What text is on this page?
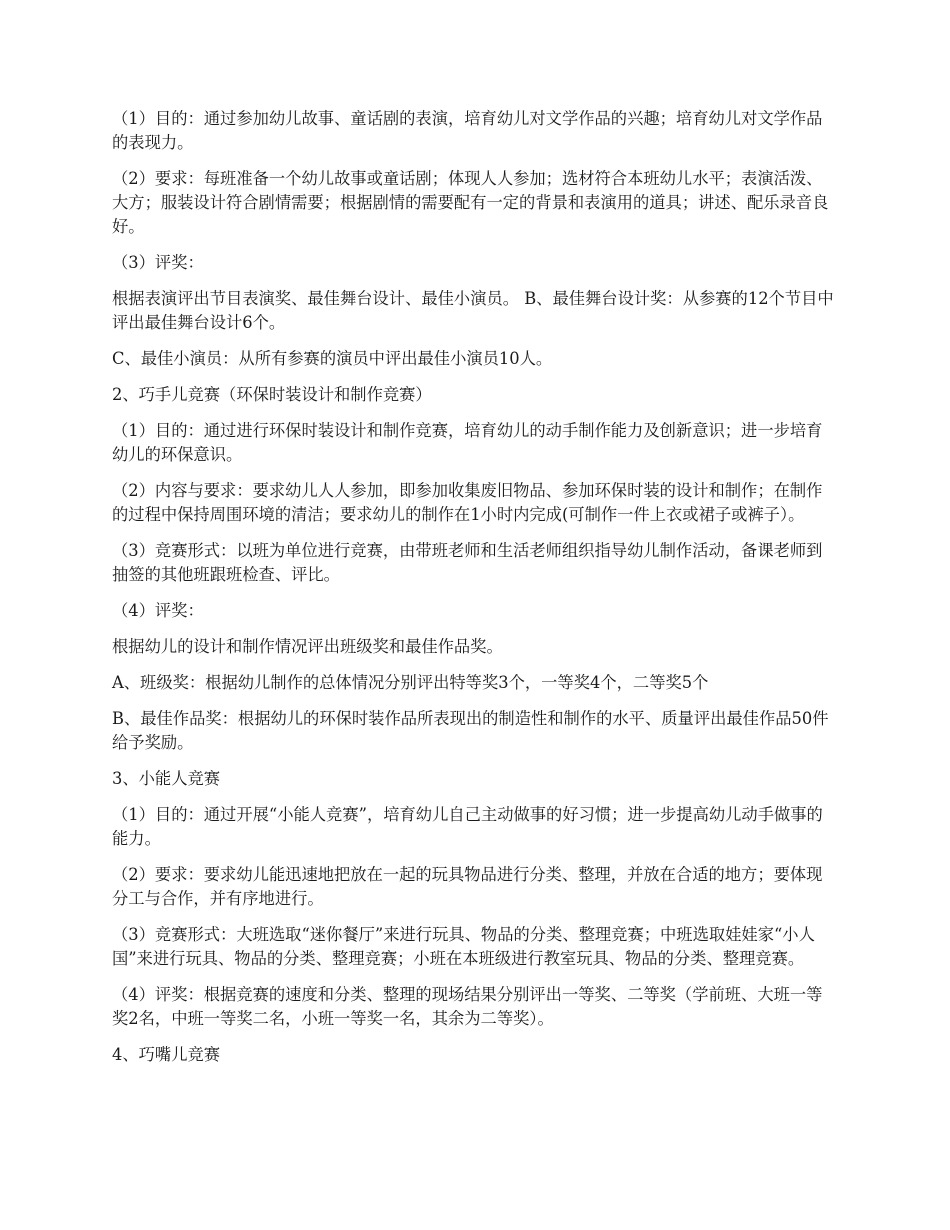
（1）目的：通过参加幼儿故事、童话剧的表演，培育幼儿对文学作品的兴趣；培育幼儿对文学作品的表现力。

（2）要求：每班准备一个幼儿故事或童话剧；体现人人参加；选材符合本班幼儿水平；表演活泼、大方；服装设计符合剧情需要；根据剧情的需要配有一定的背景和表演用的道具；讲述、配乐录音良好。

（3）评奖：

根据表演评出节目表演奖、最佳舞台设计、最佳小演员。 B、最佳舞台设计奖：从参赛的12个节目中评出最佳舞台设计6个。

C、最佳小演员：从所有参赛的演员中评出最佳小演员10人。

2、巧手儿竞赛（环保时装设计和制作竞赛）

（1）目的：通过进行环保时装设计和制作竞赛，培育幼儿的动手制作能力及创新意识；进一步培育幼儿的环保意识。

（2）内容与要求：要求幼儿人人参加，即参加收集废旧物品、参加环保时装的设计和制作；在制作的过程中保持周围环境的清洁；要求幼儿的制作在1小时内完成(可制作一件上衣或裙子或裤子）。

（3）竞赛形式：以班为单位进行竞赛，由带班老师和生活老师组织指导幼儿制作活动，备课老师到抽签的其他班跟班检查、评比。

（4）评奖：

根据幼儿的设计和制作情况评出班级奖和最佳作品奖。

A、班级奖：根据幼儿制作的总体情况分别评出特等奖3个，一等奖4个，二等奖5个

B、最佳作品奖：根据幼儿的环保时装作品所表现出的制造性和制作的水平、质量评出最佳作品50件给予奖励。

3、小能人竞赛

（1）目的：通过开展“小能人竞赛”，培育幼儿自己主动做事的好习惯；进一步提高幼儿动手做事的能力。

（2）要求：要求幼儿能迅速地把放在一起的玩具物品进行分类、整理，并放在合适的地方；要体现分工与合作，并有序地进行。

（3）竞赛形式：大班选取“迷你餐厅”来进行玩具、物品的分类、整理竞赛；中班选取娃娃家“小人国”来进行玩具、物品的分类、整理竞赛；小班在本班级进行教室玩具、物品的分类、整理竞赛。

（4）评奖：根据竞赛的速度和分类、整理的现场结果分别评出一等奖、二等奖（学前班、大班一等奖2名，中班一等奖二名，小班一等奖一名，其余为二等奖）。

4、巧嘴儿竞赛
